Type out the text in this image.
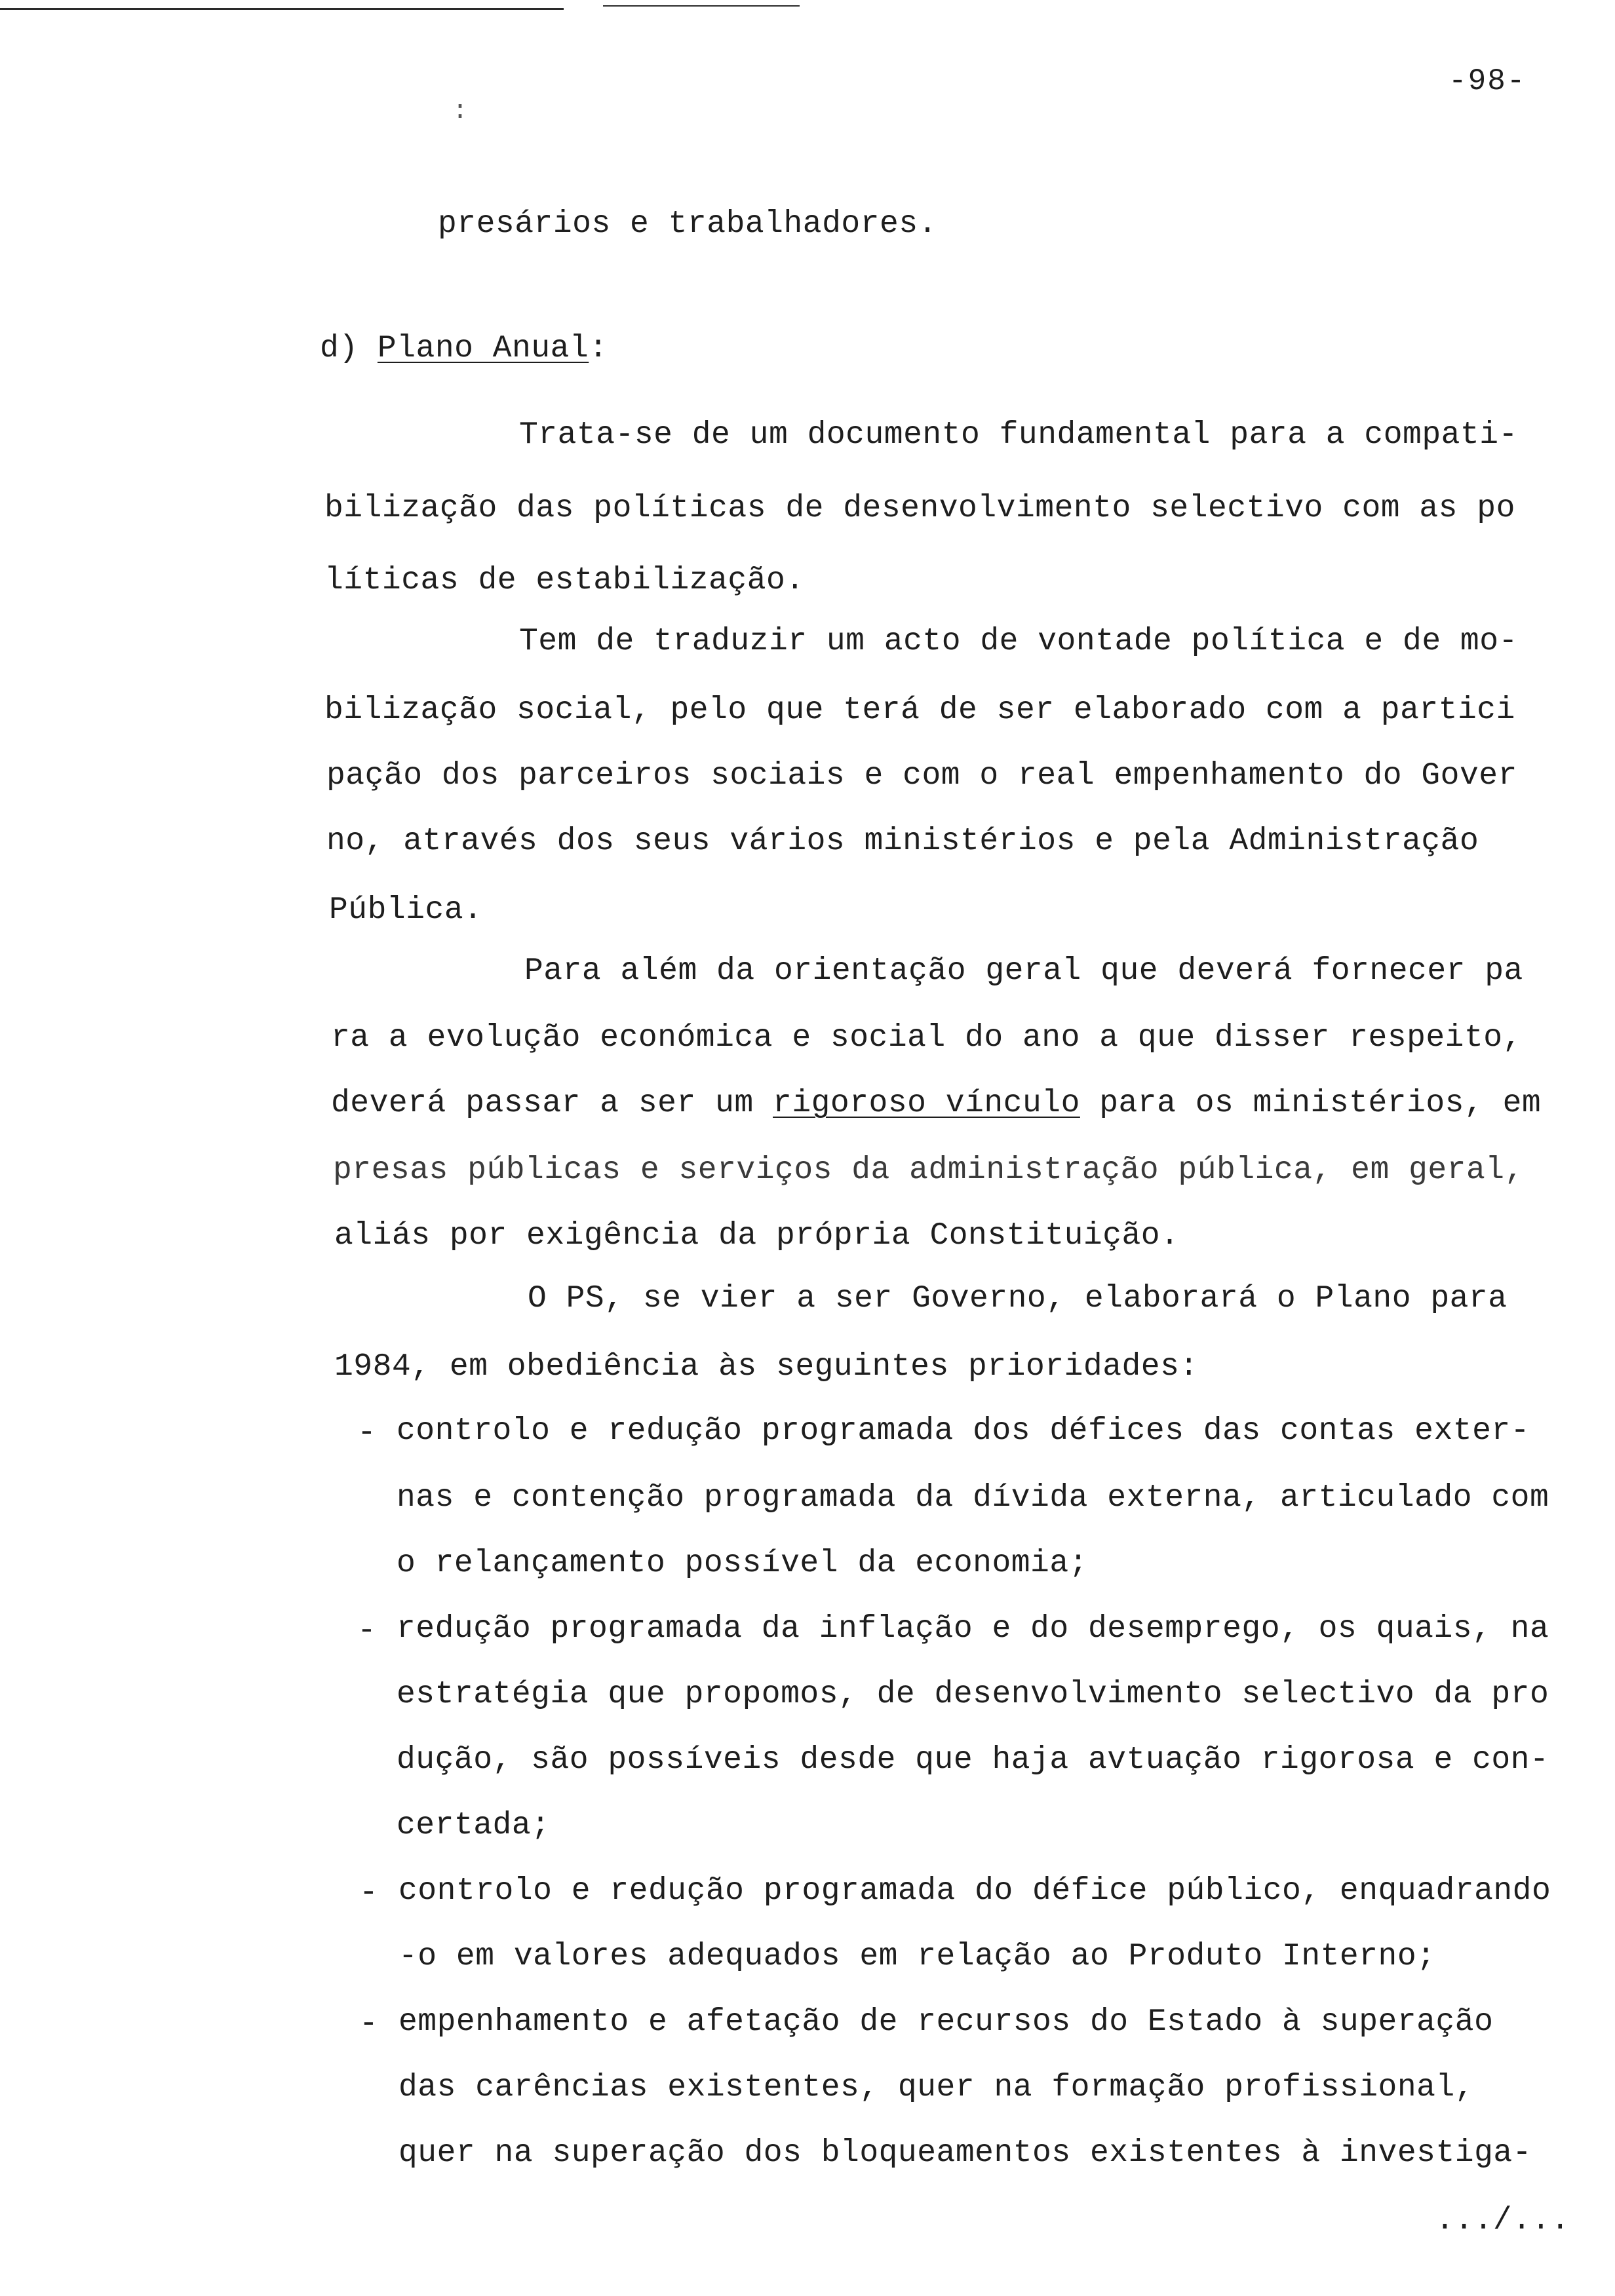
-98-
:
presários e trabalhadores.
d) Plano Anual:
Trata-se de um documento fundamental para a compati-
bilização das políticas de desenvolvimento selectivo com as po
líticas de estabilização.
Tem de traduzir um acto de vontade política e de mo-
bilização social, pelo que terá de ser elaborado com a partici
pação dos parceiros sociais e com o real empenhamento do Gover
no, através dos seus vários ministérios e pela Administração
Pública.
Para além da orientação geral que deverá fornecer pa
ra a evolução económica e social do ano a que disser respeito,
deverá passar a ser um rigoroso vínculo para os ministérios, em
presas públicas e serviços da administração pública, em geral,
aliás por exigência da própria Constituição.
O PS, se vier a ser Governo, elaborará o Plano para
1984, em obediência às seguintes prioridades:
- controlo e redução programada dos défices das contas exter-
nas e contenção programada da dívida externa, articulado com
o relançamento possível da economia;
- redução programada da inflação e do desemprego, os quais, na
estratégia que propomos, de desenvolvimento selectivo da pro
dução, são possíveis desde que haja avtuação rigorosa e con-
certada;
- controlo e redução programada do défice público, enquadrando
-o em valores adequados em relação ao Produto Interno;
- empenhamento e afetação de recursos do Estado à superação
das carências existentes, quer na formação profissional,
quer na superação dos bloqueamentos existentes à investiga-
.../...
